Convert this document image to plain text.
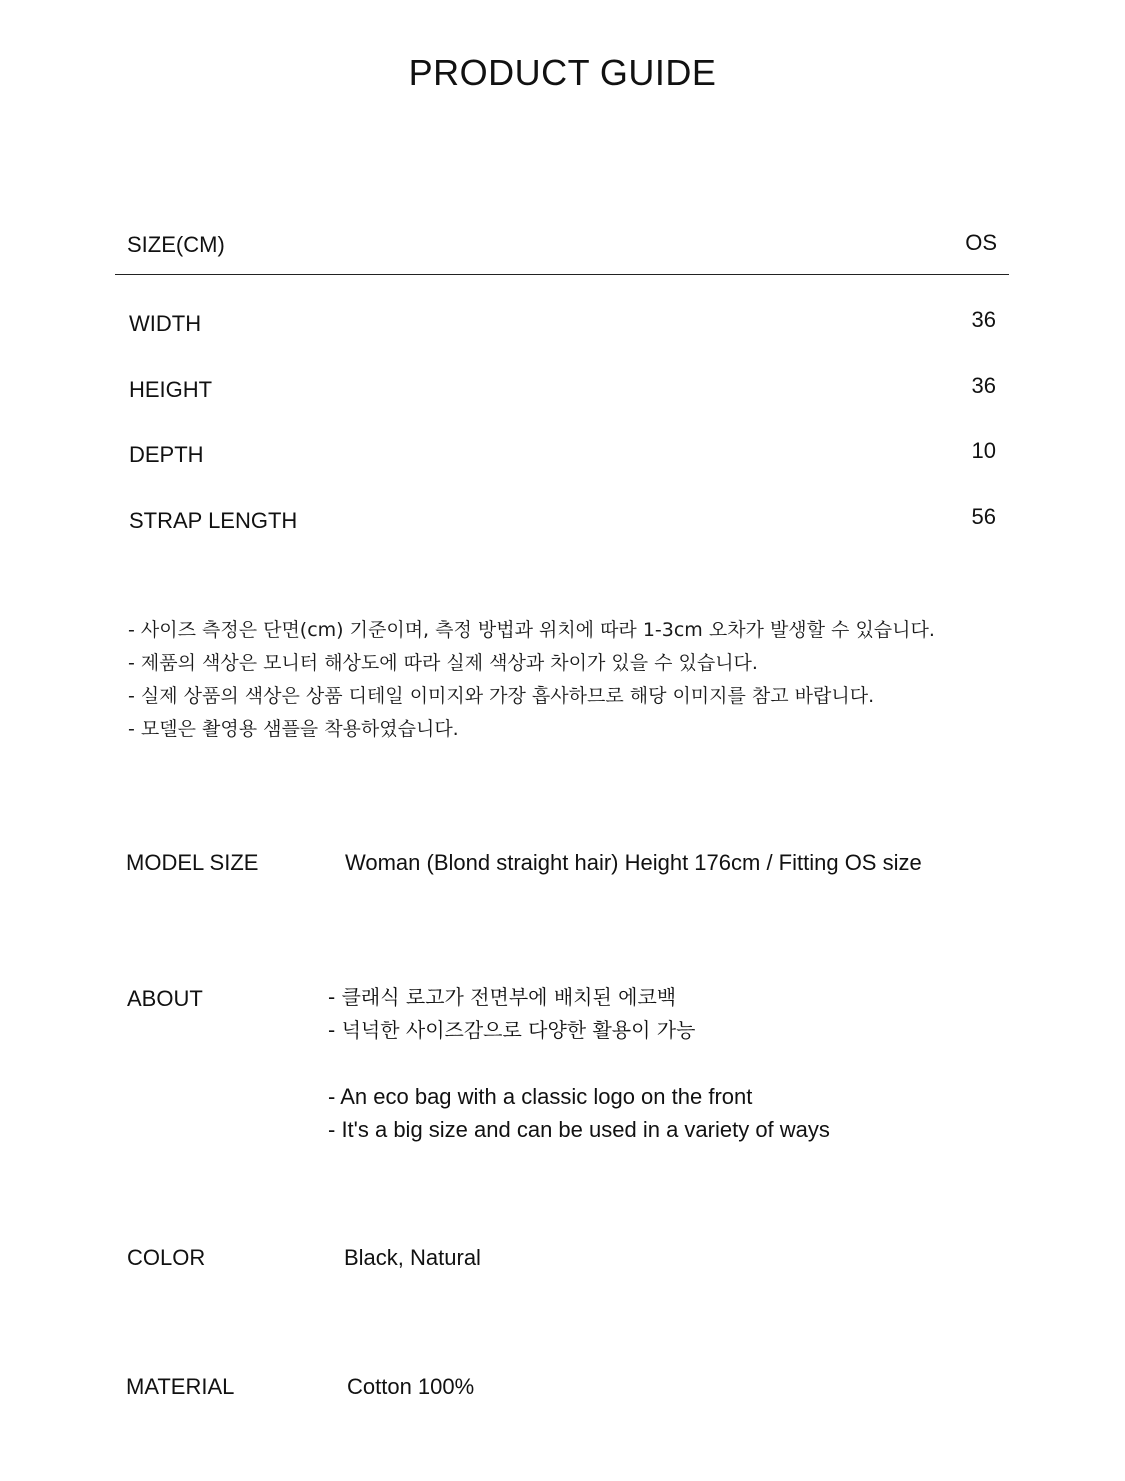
PRODUCT GUIDE
SIZE(CM)	OS
WIDTH	36
HEIGHT	36
DEPTH	10
STRAP LENGTH	56
- 사이즈 측정은 단면(cm) 기준이며, 측정 방법과 위치에 따라 1-3cm 오차가 발생할 수 있습니다.
- 제품의 색상은 모니터 해상도에 따라 실제 색상과 차이가 있을 수 있습니다.
- 실제 상품의 색상은 상품 디테일 이미지와 가장 흡사하므로 해당 이미지를 참고 바랍니다.
- 모델은 촬영용 샘플을 착용하였습니다.
MODEL SIZE	Woman (Blond straight hair) Height 176cm / Fitting OS size
ABOUT	- 클래식 로고가 전면부에 배치된 에코백
- 넉넉한 사이즈감으로 다양한 활용이 가능
- An eco bag with a classic logo on the front
- It's a big size and can be used in a variety of ways
COLOR	Black, Natural
MATERIAL	Cotton 100%
